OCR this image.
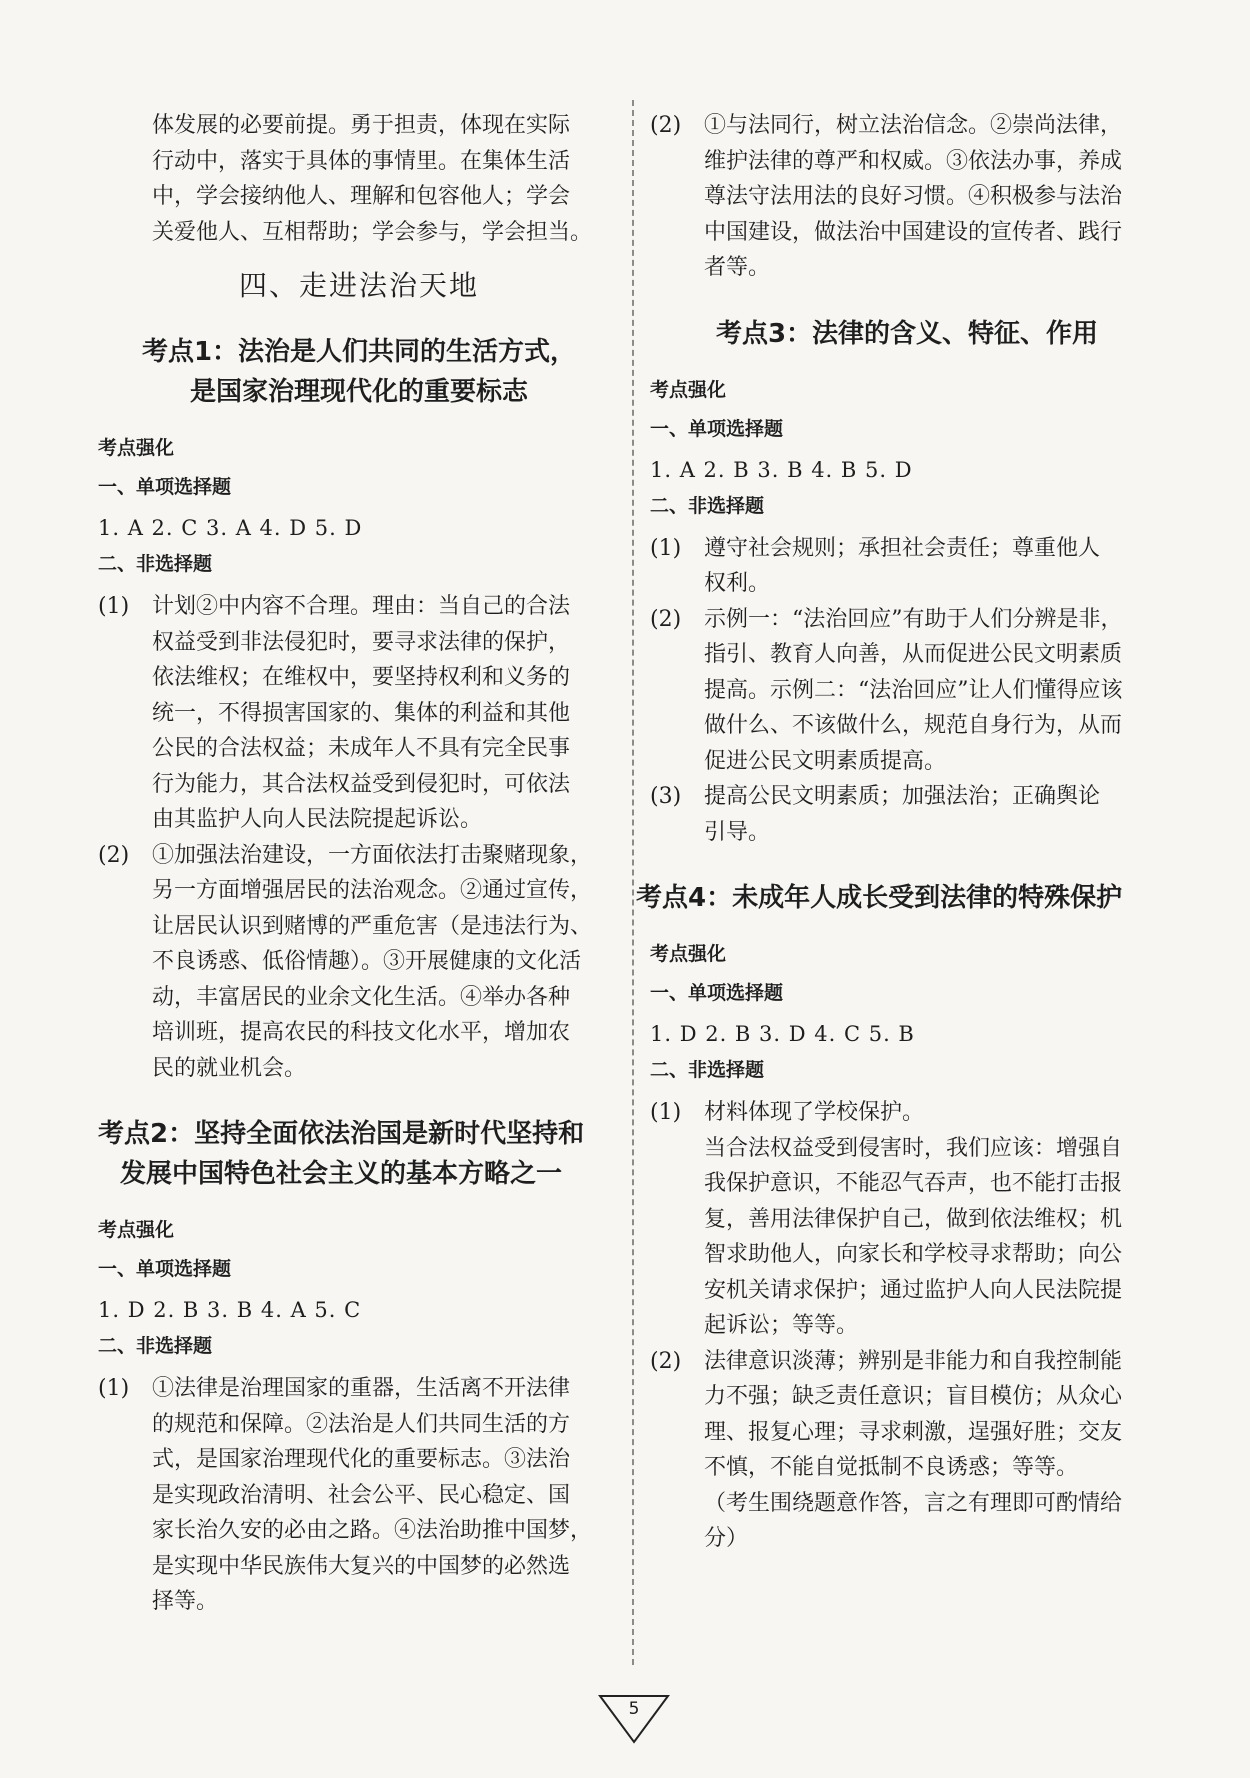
体发展的必要前提。勇于担责，体现在实际

行动中，落实于具体的事情里。在集体生活

中，学会接纳他人、理解和包容他人；学会

关爱他人、互相帮助；学会参与，学会担当。

四、走进法治天地
考点1：法治是人们共同的生活方式，
是国家治理现代化的重要标志
考点强化
一、单项选择题
1. A 2. C 3. A 4. D 5. D
二、非选择题
(1) 计划②中内容不合理。理由：当自己的合法
权益受到非法侵犯时，要寻求法律的保护，
依法维权；在维权中，要坚持权利和义务的
统一，不得损害国家的、集体的利益和其他
公民的合法权益；未成年人不具有完全民事
行为能力，其合法权益受到侵犯时，可依法
由其监护人向人民法院提起诉讼。
(2) ①加强法治建设，一方面依法打击聚赌现象，
另一方面增强居民的法治观念。②通过宣传，
让居民认识到赌博的严重危害（是违法行为、
不良诱惑、低俗情趣）。③开展健康的文化活
动，丰富居民的业余文化生活。④举办各种
培训班，提高农民的科技文化水平，增加农
民的就业机会。
考点2：坚持全面依法治国是新时代坚持和
发展中国特色社会主义的基本方略之一
考点强化
一、单项选择题
1. D 2. B 3. B 4. A 5. C
二、非选择题
(1) ①法律是治理国家的重器，生活离不开法律
的规范和保障。②法治是人们共同生活的方
式，是国家治理现代化的重要标志。③法治
是实现政治清明、社会公平、民心稳定、国
家长治久安的必由之路。④法治助推中国梦，
是实现中华民族伟大复兴的中国梦的必然选
择等。
(2) ①与法同行，树立法治信念。②崇尚法律，
维护法律的尊严和权威。③依法办事，养成
尊法守法用法的良好习惯。④积极参与法治
中国建设，做法治中国建设的宣传者、践行
者等。
考点3：法律的含义、特征、作用
考点强化
一、单项选择题
1. A 2. B 3. B 4. B 5. D
二、非选择题
(1) 遵守社会规则；承担社会责任；尊重他人
权利。
(2) 示例一：“法治回应”有助于人们分辨是非，
指引、教育人向善，从而促进公民文明素质
提高。示例二：“法治回应”让人们懂得应该
做什么、不该做什么，规范自身行为，从而
促进公民文明素质提高。
(3) 提高公民文明素质；加强法治；正确舆论
引导。
考点4：未成年人成长受到法律的特殊保护
考点强化
一、单项选择题
1. D 2. B 3. D 4. C 5. B
二、非选择题
(1) 材料体现了学校保护。
当合法权益受到侵害时，我们应该：增强自
我保护意识，不能忍气吞声，也不能打击报
复，善用法律保护自己，做到依法维权；机
智求助他人，向家长和学校寻求帮助；向公
安机关请求保护；通过监护人向人民法院提
起诉讼；等等。
(2) 法律意识淡薄；辨别是非能力和自我控制能
力不强；缺乏责任意识；盲目模仿；从众心
理、报复心理；寻求刺激，逞强好胜；交友
不慎，不能自觉抵制不良诱惑；等等。
（考生围绕题意作答，言之有理即可酌情给
分）
5
